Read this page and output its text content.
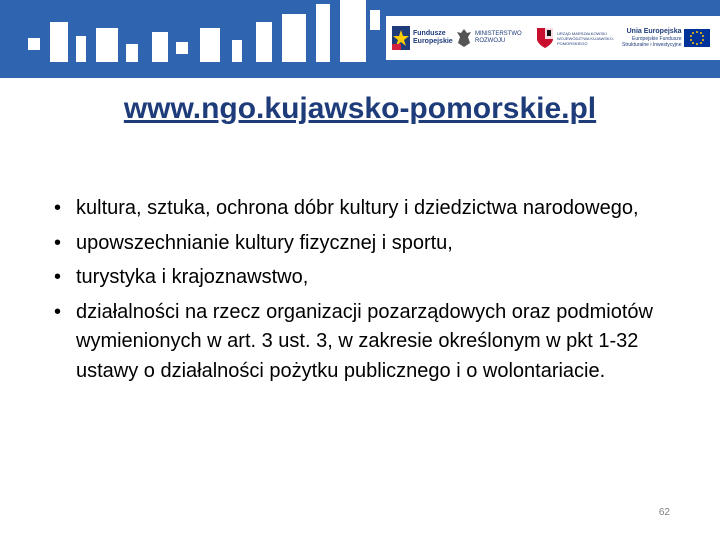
Fundusze
Europejskie
MINISTERSTWO
ROZWOJU
URZĄD MARSZAŁKOWSKI
WOJEWÓDZTWA KUJAWSKO-POMORSKIEGO
Unia Europejska
Europejskie Fundusze
Strukturalne i Inwestycyjne
www.ngo.kujawsko-pomorskie.pl
• kultura, sztuka, ochrona dóbr kultury i dziedzictwa narodowego,
• upowszechnianie kultury fizycznej i sportu,
• turystyka i krajoznawstwo,
• działalności na rzecz organizacji pozarządowych oraz podmiotów wymienionych w art. 3 ust. 3, w zakresie określonym w pkt 1-32 ustawy o działalności pożytku publicznego i o wolontariacie.
62
